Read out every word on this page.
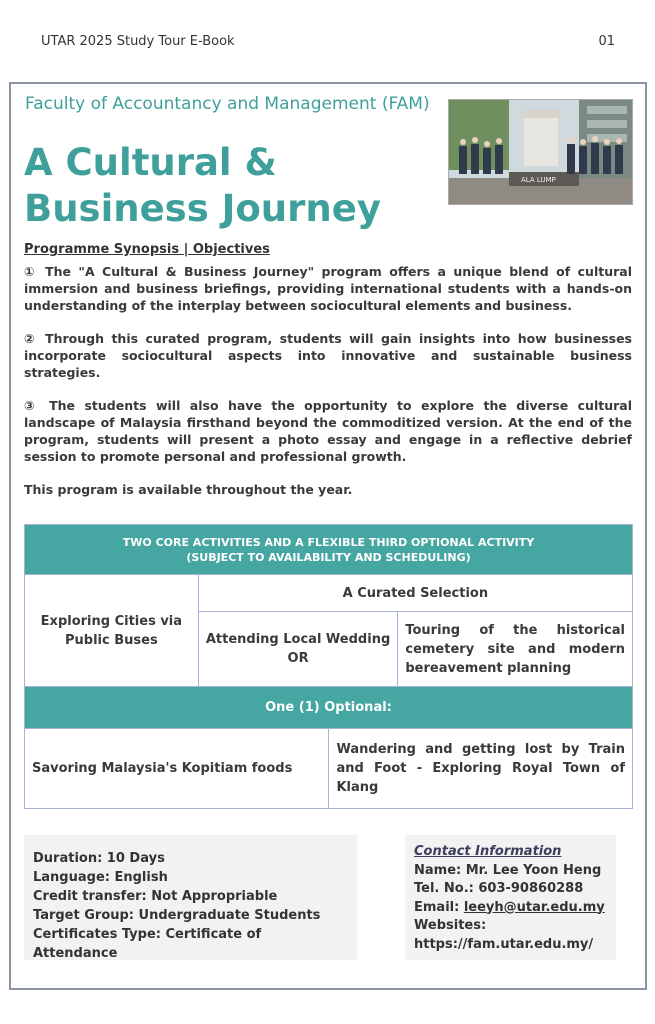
UTAR 2025 Study Tour E-Book	01
Faculty of Accountancy and Management (FAM)
A Cultural &
Business Journey
ALA LUMP
Programme Synopsis | Objectives

① The "A Cultural & Business Journey" program offers a unique blend of cultural immersion and business briefings, providing international students with a hands-on understanding of the interplay between sociocultural elements and business.

② Through this curated program, students will gain insights into how businesses incorporate sociocultural aspects into innovative and sustainable business strategies.

③ The students will also have the opportunity to explore the diverse cultural landscape of Malaysia firsthand beyond the commoditized version. At the end of the program, students will present a photo essay and engage in a reflective debrief session to promote personal and professional growth.

This program is available throughout the year.

TWO CORE ACTIVITIES AND A FLEXIBLE THIRD OPTIONAL ACTIVITY
(SUBJECT TO AVAILABILITY AND SCHEDULING)			

Exploring Cities via Public Buses	A Curated Selection		
	Attending Local Wedding OR		Touring of the historical cemetery site and modern bereavement planning
One (1) Optional:			
Savoring Malaysia's Kopitiam foods		Wandering and getting lost by Train and Foot - Exploring Royal Town of Klang	
Duration: 10 Days
Language: English
Credit transfer: Not Appropriable
Target Group: Undergraduate Students
Certificates Type: Certificate of Attendance
Contact Information
Name: Mr. Lee Yoon Heng
Tel. No.: 603-90860288
Email: leeyh@utar.edu.my
Websites:
https://fam.utar.edu.my/
